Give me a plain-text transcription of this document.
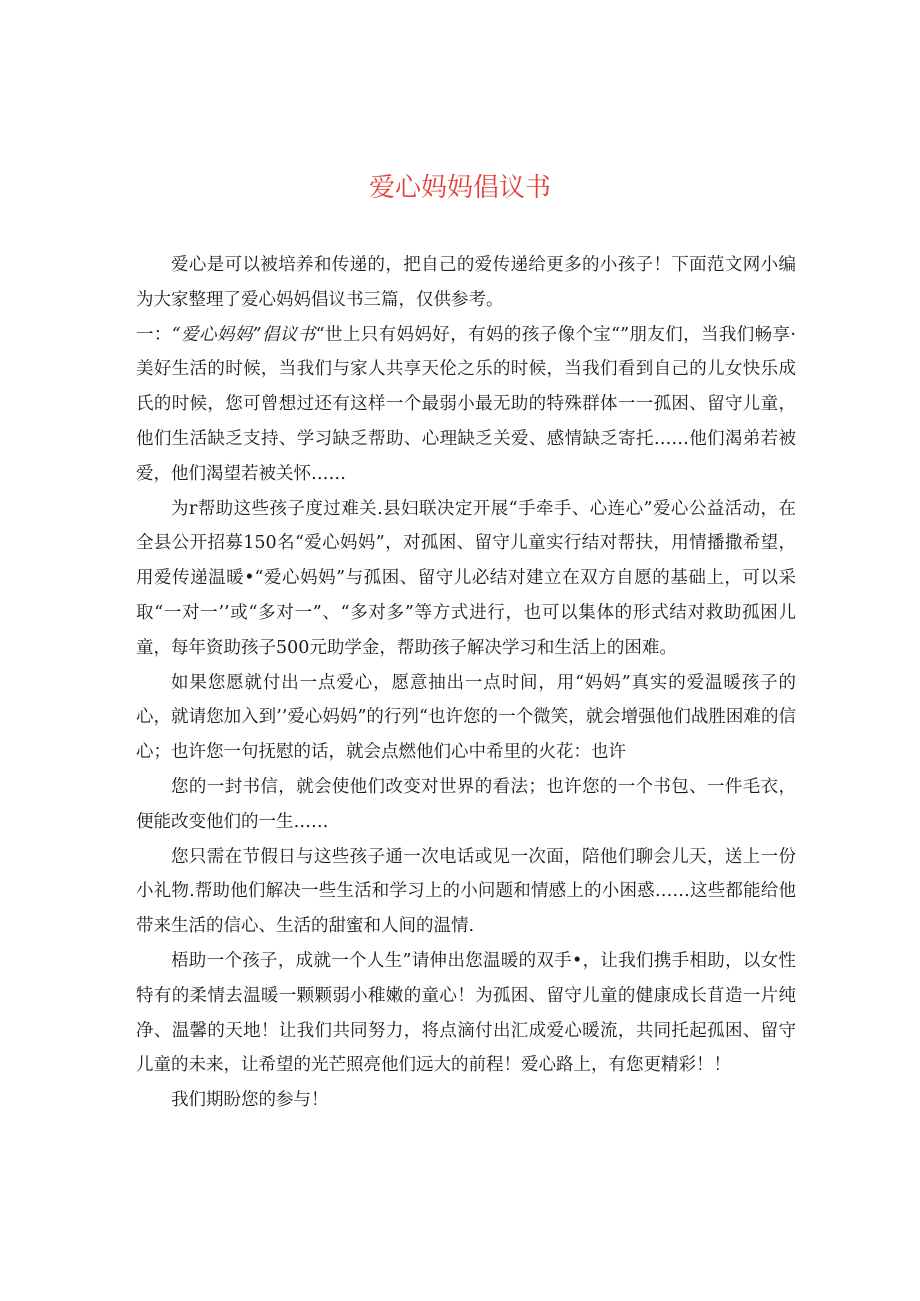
爱心妈妈倡议书

爱心是可以被培养和传递的，把自己的爱传递给更多的小孩子！下面范文网小编为大家整理了爱心妈妈倡议书三篇，仅供参考。

一：“爱心妈妈”倡议书“世上只有妈妈好，有妈的孩子像个宝“”朋友们，当我们畅享·美好生活的时候，当我们与家人共享天伦之乐的时候，当我们看到自己的儿女快乐成氏的时候，您可曾想过还有这样一个最弱小最无助的特殊群体一一孤困、留守儿童，他们生活缺乏支持、学习缺乏帮助、心理缺乏关爱、感情缺乏寄托……他们渴弟若被爱，他们渴望若被关怀……

为r帮助这些孩子度过难关.县妇联决定开展“手牵手、心连心”爱心公益活动，在全县公开招募150名“爱心妈妈”，对孤困、留守儿童实行结对帮扶，用情播撒希望，用爱传递温暖•“爱心妈妈”与孤困、留守儿必结对建立在双方自愿的基础上，可以采取“一对一’’或“多对一”、“多对多”等方式进行，也可以集体的形式结对救助孤困儿童，每年资助孩子500元助学金，帮助孩子解决学习和生活上的困难。

如果您愿就付出一点爱心，愿意抽出一点时间，用“妈妈”真实的爱温暖孩子的心，就请您加入到’’爱心妈妈”的行列“也许您的一个微笑，就会增强他们战胜困难的信心；也许您一句抚慰的话，就会点燃他们心中希里的火花：也许

您的一封书信，就会使他们改变对世界的看法；也许您的一个书包、一件毛衣，便能改变他们的一生……

您只需在节假日与这些孩子通一次电话或见一次面，陪他们聊会儿天，送上一份小礼物.帮助他们解决一些生活和学习上的小问题和情感上的小困惑……这些都能给他带来生活的信心、生活的甜蜜和人间的温情.

梧助一个孩子，成就一个人生”请伸出您温暖的双手•，让我们携手相助，以女性特有的柔情去温暖一颗颗弱小稚嫩的童心！为孤困、留守儿童的健康成长苜造一片纯净、温馨的天地！让我们共同努力，将点滴付出汇成爱心暖流，共同托起孤困、留守儿童的未来，让希望的光芒照亮他们远大的前程！爱心路上，有您更精彩！！

我们期盼您的参与！
